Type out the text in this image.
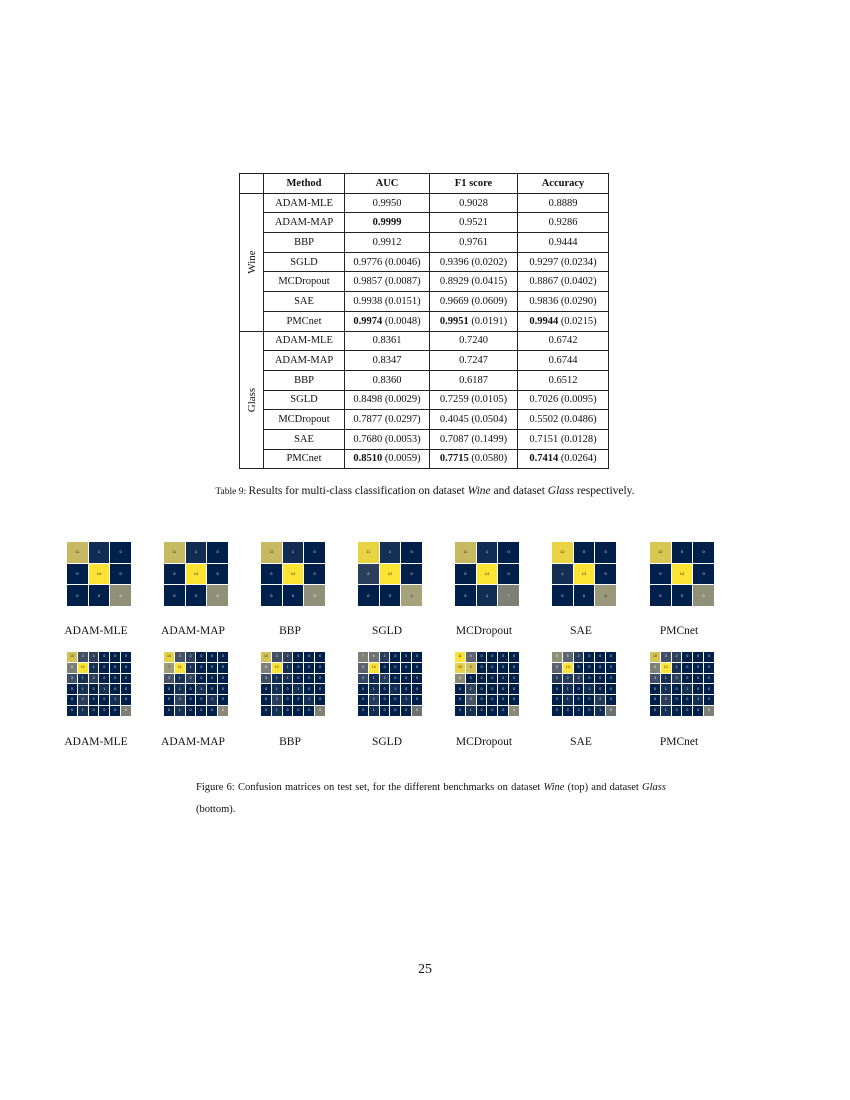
	Method	AUC	F1 score	Accuracy

Wine	ADAM-MLE	0.9950	0.9028	0.8889
	ADAM-MAP	0.9999	0.9521	0.9286
	BBP	0.9912	0.9761	0.9444
	SGLD	0.9776 (0.0046)	0.9396 (0.0202)	0.9297 (0.0234)
	MCDropout	0.9857 (0.0087)	0.8929 (0.0415)	0.8867 (0.0402)
	SAE	0.9938 (0.0151)	0.9669 (0.0609)	0.9836 (0.0290)
	PMCnet	0.9974 (0.0048)	0.9951 (0.0191)	0.9944 (0.0215)

Glass	ADAM-MLE	0.8361	0.7240	0.6742
	ADAM-MAP	0.8347	0.7247	0.6744
	BBP	0.8360	0.6187	0.6512
	SGLD	0.8498 (0.0029)	0.7259 (0.0105)	0.7026 (0.0095)
	MCDropout	0.7877 (0.0297)	0.4045 (0.0504)	0.5502 (0.0486)
	SAE	0.7680 (0.0053)	0.7087 (0.1499)	0.7151 (0.0128)
	PMCnet	0.8510 (0.0059)	0.7715 (0.0580)	0.7414 (0.0264)
Table 9: Results for multi-class classification on dataset Wine and dataset Glass respectively.
11	1	0
0	14	0
0	0	8
ADAM-MLE
11	1	0
0	14	0
0	0	8
ADAM-MAP
11	1	0
0	14	0
0	0	8
BBP
11	1	0
2	12	0
0	0	8
SGLD
11	1	0
0	14	0
0	1	7
MCDropout
12	0	0
1	13	0
0	0	8
SAE
12	0	0
0	14	0
0	0	8
PMCnet
10	3	2	0	0	0
6	12	1	0	0	0
3	1	2	0	0	0
0	1	0	1	0	0
0	2	0	0	1	0
0	1	0	0	0	6
ADAM-MLE
10	3	2	0	0	0
7	11	1	0	0	0
3	1	2	0	0	0
0	1	0	1	0	0
0	2	0	0	1	0
0	1	0	0	0	6
ADAM-MAP
10	3	2	0	0	0
6	12	1	0	0	0
3	1	1	0	0	0
0	1	0	1	0	0
0	2	0	0	1	0
0	1	0	0	0	6
BBP
7	6	2	0	0	0
5	14	0	0	0	0
3	1	2	0	0	0
0	1	0	1	0	0
0	2	0	0	1	0
0	1	0	0	0	6
SGLD
11	4	0	0	0	0
10	9	0	0	0	0
6	0	0	0	0	0
0	2	0	0	0	0
0	3	0	0	0	0
0	1	0	0	0	6
MCDropout
8	5	2	0	0	0
5	14	0	0	0	0
2	2	2	0	0	0
0	1	0	1	0	0
0	1	0	0	2	0
0	0	0	0	1	6
SAE
10	3	2	0	0	0
6	12	1	0	0	0
3	1	2	0	0	0
0	1	0	1	0	0
0	2	0	0	1	0
0	1	0	0	0	6
PMCnet
Figure 6: Confusion matrices on test set, for the different benchmarks on dataset Wine (top) and dataset Glass (bottom).
25
